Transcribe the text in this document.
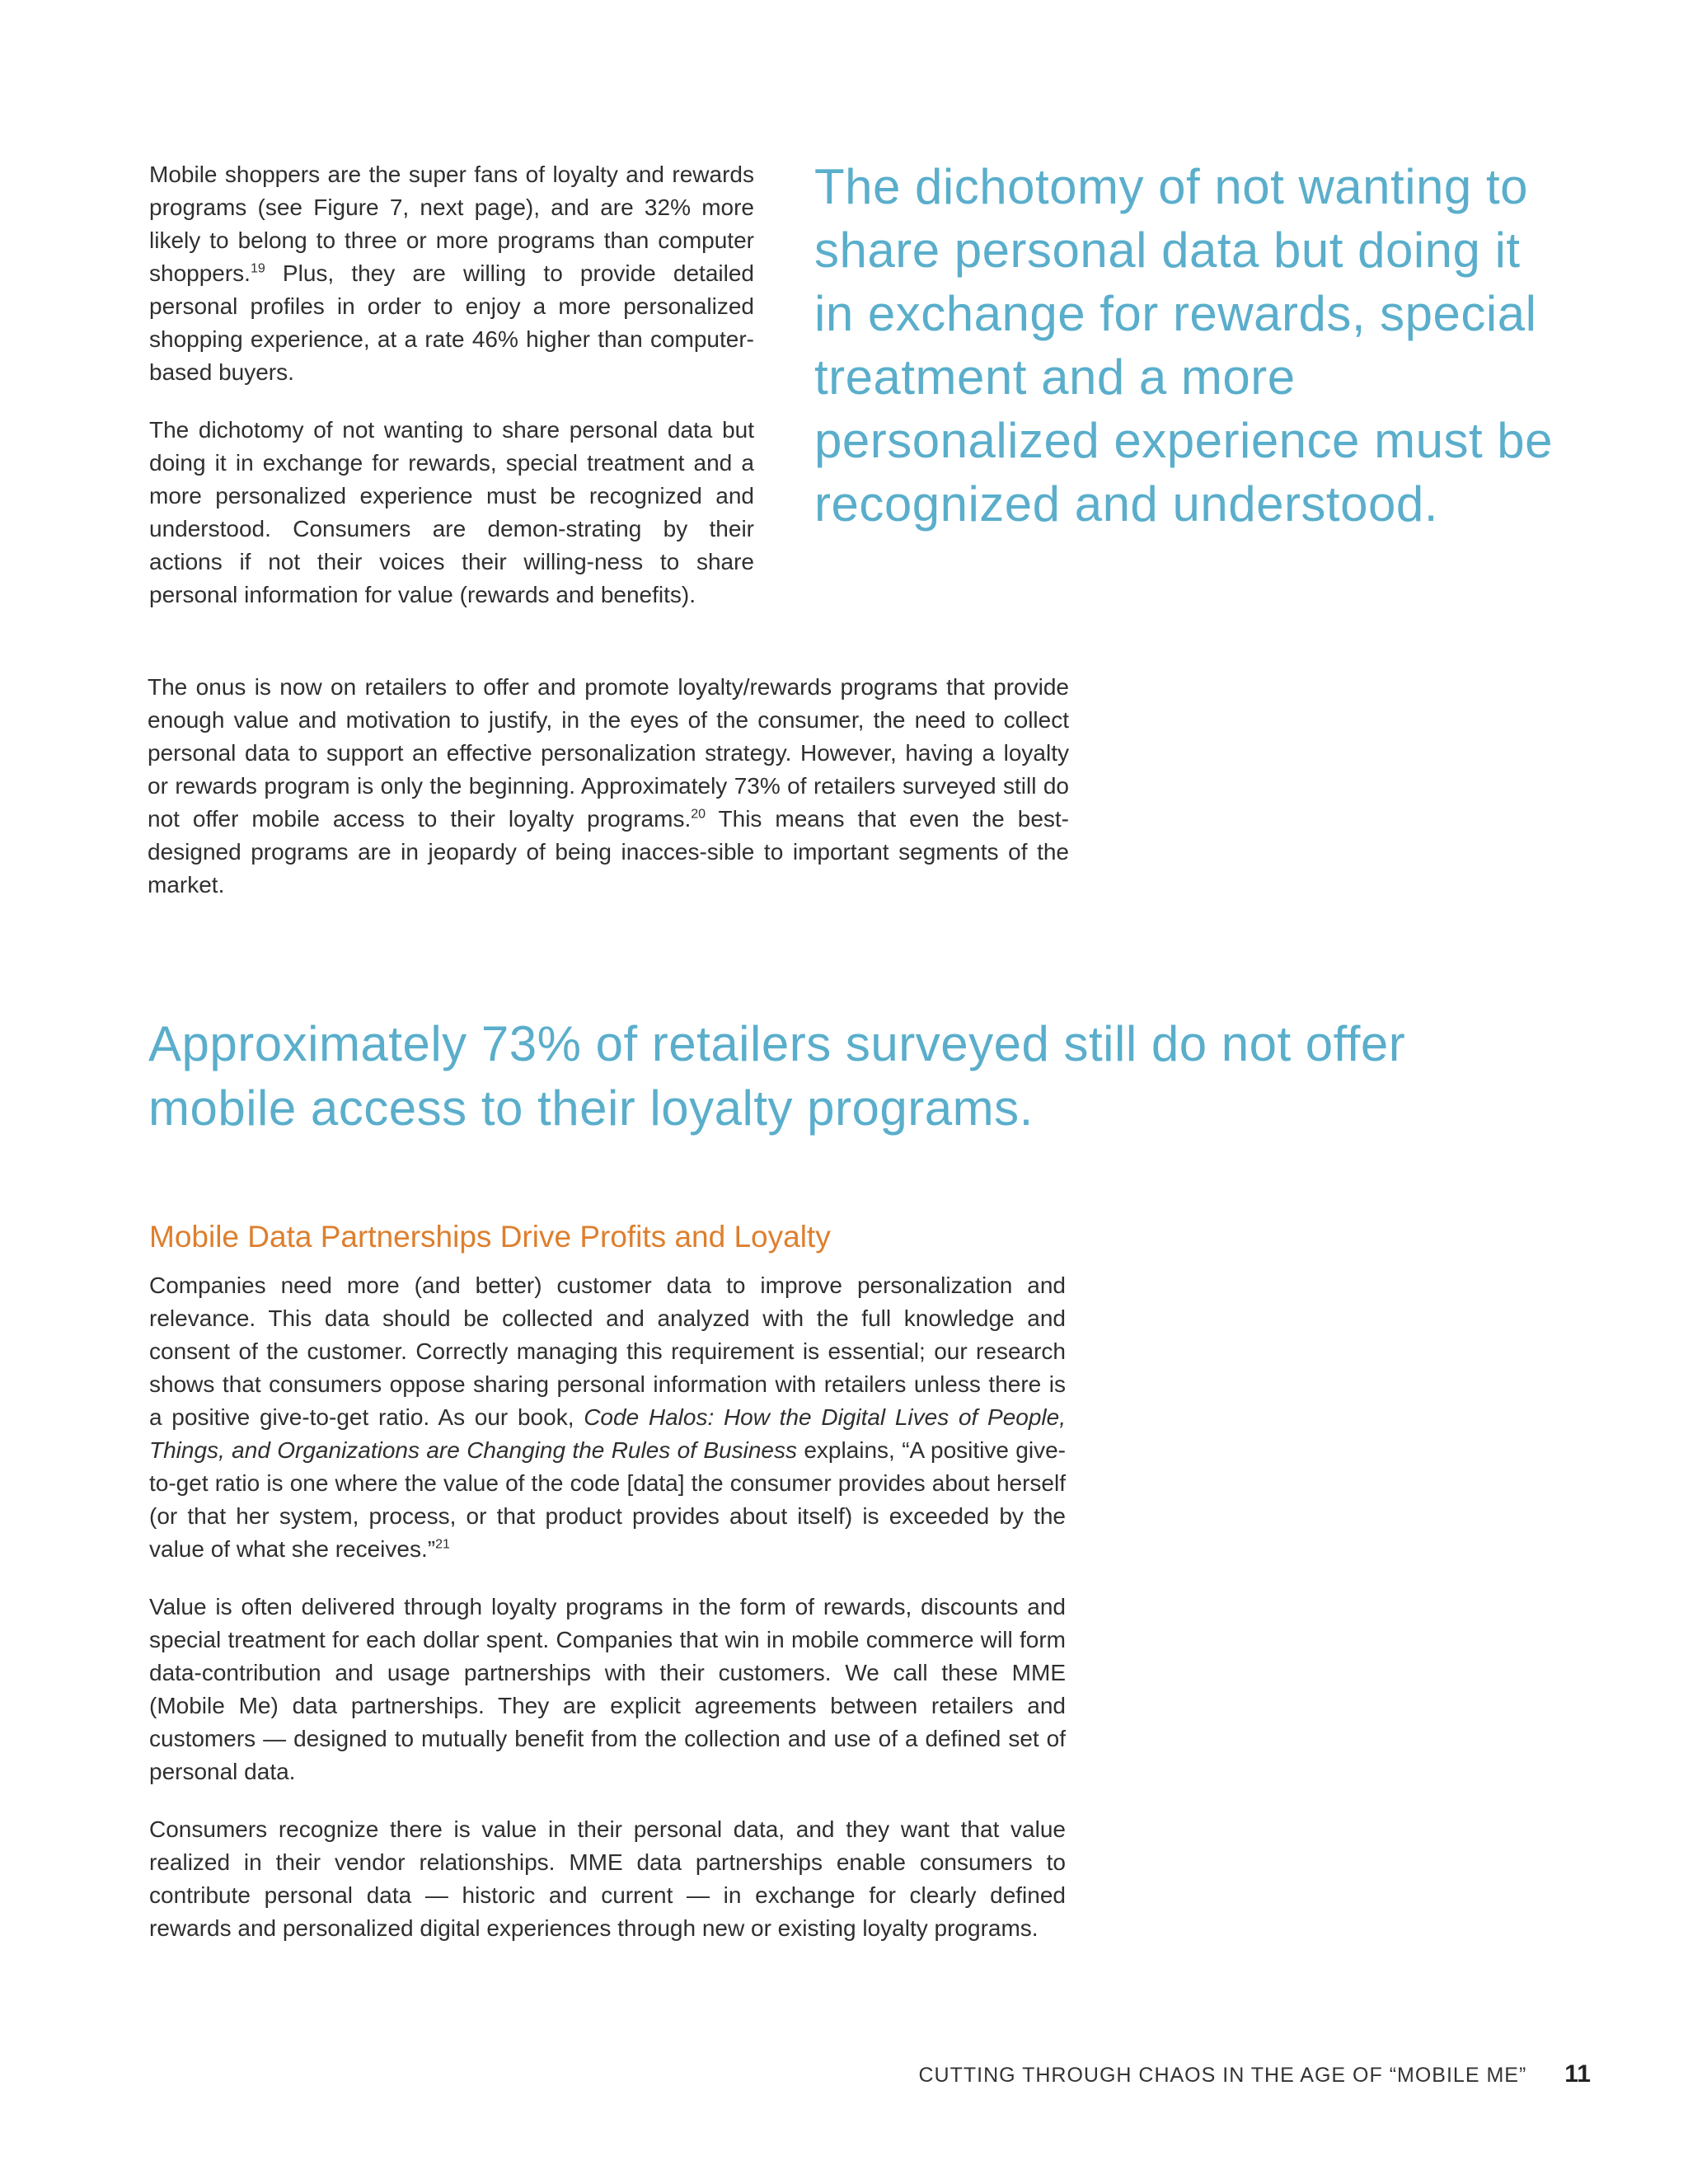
Mobile shoppers are the super fans of loyalty and rewards programs (see Figure 7, next page), and are 32% more likely to belong to three or more programs than computer shoppers.$^{19}$ Plus, they are willing to provide detailed personal profiles in order to enjoy a more personalized shopping experience, at a rate 46% higher than computer-based buyers.

The dichotomy of not wanting to share personal data but doing it in exchange for rewards, special treatment and a more personalized experience must be recognized and understood. Consumers are demon-strating by their actions if not their voices their willing-ness to share personal information for value (rewards and benefits).

The dichotomy of not wanting to share personal data but doing it in exchange for rewards, special treatment and a more personalized experience must be recognized and understood.

The onus is now on retailers to offer and promote loyalty/rewards programs that provide enough value and motivation to justify, in the eyes of the consumer, the need to collect personal data to support an effective personalization strategy. However, having a loyalty or rewards program is only the beginning. Approximately 73% of retailers surveyed still do not offer mobile access to their loyalty programs.$^{20}$ This means that even the best-designed programs are in jeopardy of being inacces-sible to important segments of the market.

Approximately 73% of retailers surveyed still do not offer mobile access to their loyalty programs.
Mobile Data Partnerships Drive Profits and Loyalty

Companies need more (and better) customer data to improve personalization and relevance. This data should be collected and analyzed with the full knowledge and consent of the customer. Correctly managing this requirement is essential; our research shows that consumers oppose sharing personal information with retailers unless there is a positive give-to-get ratio. As our book, Code Halos: How the Digital Lives of People, Things, and Organizations are Changing the Rules of Business explains, “A positive give-to-get ratio is one where the value of the code [data] the consumer provides about herself (or that her system, process, or that product provides about itself) is exceeded by the value of what she receives.”$^{21}$

Value is often delivered through loyalty programs in the form of rewards, discounts and special treatment for each dollar spent. Companies that win in mobile commerce will form data-contribution and usage partnerships with their customers. We call these MME (Mobile Me) data partnerships. They are explicit agreements between retailers and customers — designed to mutually benefit from the collection and use of a defined set of personal data.

Consumers recognize there is value in their personal data, and they want that value realized in their vendor relationships. MME data partnerships enable consumers to contribute personal data — historic and current — in exchange for clearly defined rewards and personalized digital experiences through new or existing loyalty programs.

CUTTING THROUGH CHAOS IN THE AGE OF “MOBILE ME” 11
